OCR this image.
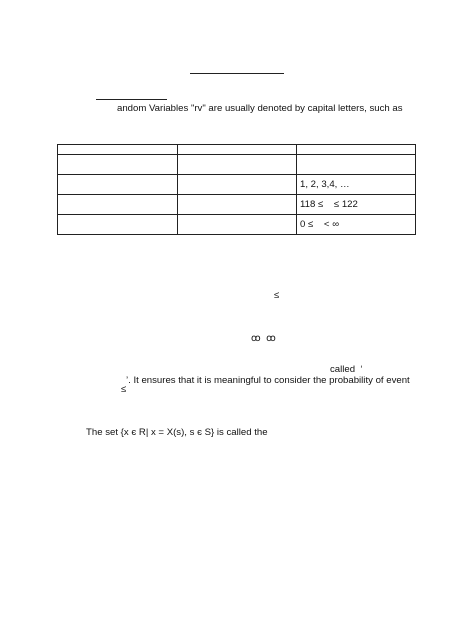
andom Variables "rv" are usually denoted by capital letters, such as

		1, 2, 3,4, …
		118 ≤    ≤ 122
		0 ≤    < ∞
≤
ꝏ  ꝏ
called  ‘
’. It ensures that it is meaningful to consider the probability of event
≤
The set {x є R| x = X(s), s є S} is called the
